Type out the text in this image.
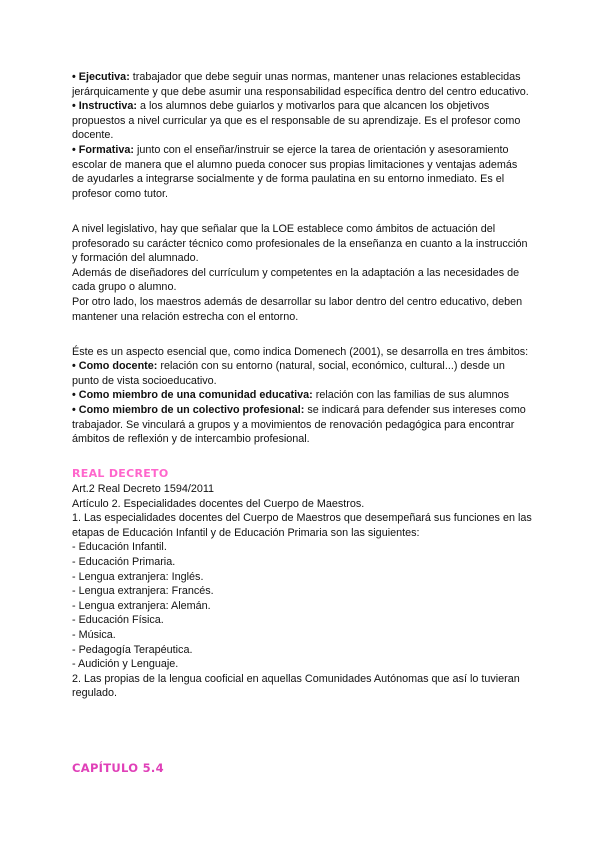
• Ejecutiva: trabajador que debe seguir unas normas, mantener unas relaciones establecidas jerárquicamente y que debe asumir una responsabilidad específica dentro del centro educativo.

• Instructiva: a los alumnos debe guiarlos y motivarlos para que alcancen los objetivos propuestos a nivel curricular ya que es el responsable de su aprendizaje. Es el profesor como docente.

• Formativa: junto con el enseñar/instruir se ejerce la tarea de orientación y asesoramiento escolar de manera que el alumno pueda conocer sus propias limitaciones y ventajas además de ayudarles a integrarse socialmente y de forma paulatina en su entorno inmediato. Es el profesor como tutor.

A nivel legislativo, hay que señalar que la LOE establece como ámbitos de actuación del profesorado su carácter técnico como profesionales de la enseñanza en cuanto a la instrucción y formación del alumnado.

Además de diseñadores del currículum y competentes en la adaptación a las necesidades de cada grupo o alumno.

Por otro lado, los maestros además de desarrollar su labor dentro del centro educativo, deben mantener una relación estrecha con el entorno.

Éste es un aspecto esencial que, como indica Domenech (2001), se desarrolla en tres ámbitos:

• Como docente: relación con su entorno (natural, social, económico, cultural...) desde un punto de vista socioeducativo.

• Como miembro de una comunidad educativa: relación con las familias de sus alumnos

• Como miembro de un colectivo profesional: se indicará para defender sus intereses como trabajador. Se vinculará a grupos y a movimientos de renovación pedagógica para encontrar ámbitos de reflexión y de intercambio profesional.

REAL DECRETO

Art.2 Real Decreto 1594/2011

Artículo 2. Especialidades docentes del Cuerpo de Maestros.

1. Las especialidades docentes del Cuerpo de Maestros que desempeñará sus funciones en las etapas de Educación Infantil y de Educación Primaria son las siguientes:

- Educación Infantil.

- Educación Primaria.

- Lengua extranjera: Inglés.

- Lengua extranjera: Francés.

- Lengua extranjera: Alemán.

- Educación Física.

- Música.

- Pedagogía Terapéutica.

- Audición y Lenguaje.

2. Las propias de la lengua cooficial en aquellas Comunidades Autónomas que así lo tuvieran regulado.

CAPÍTULO 5.4
